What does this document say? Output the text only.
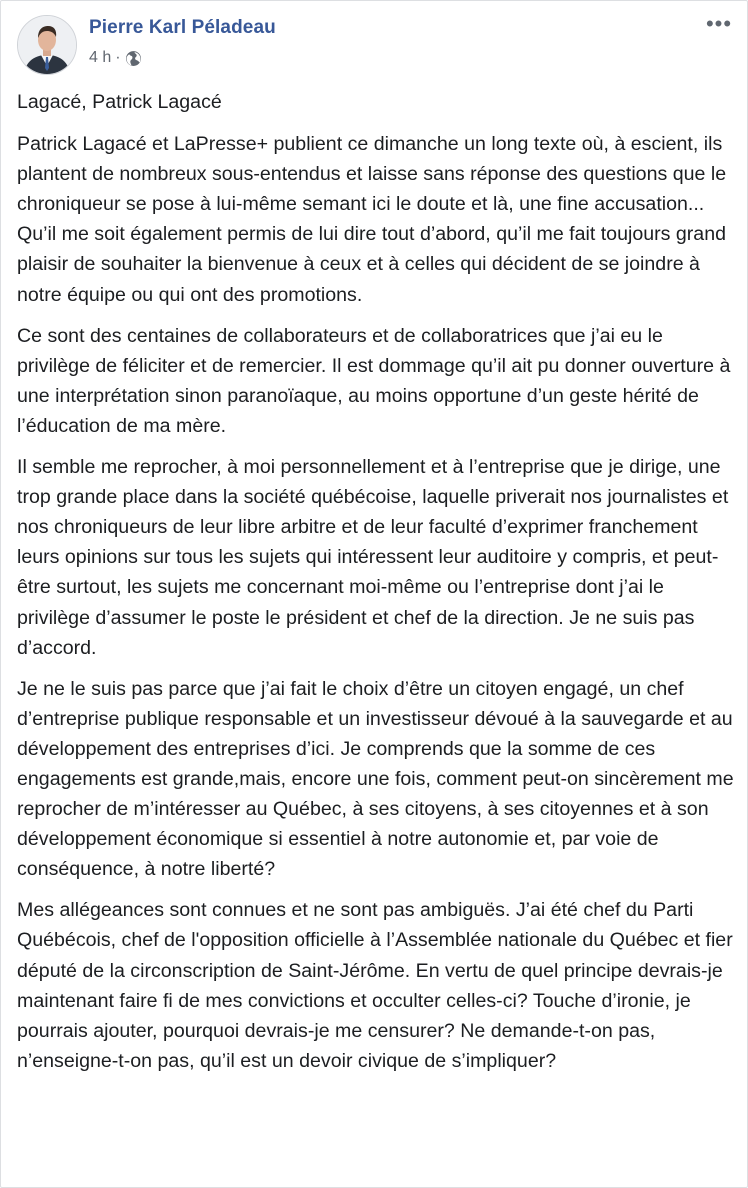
Pierre Karl Péladeau
4 h ·
•••

Lagacé, Patrick Lagacé

Patrick Lagacé et LaPresse+ publient ce dimanche un long texte où, à escient, ils plantent de nombreux sous-entendus et laisse sans réponse des questions que le chroniqueur se pose à lui-même semant ici le doute et là, une fine accusation... Qu’il me soit également permis de lui dire tout d’abord, qu’il me fait toujours grand plaisir de souhaiter la bienvenue à ceux et à celles qui décident de se joindre à notre équipe ou qui ont des promotions.

Ce sont des centaines de collaborateurs et de collaboratrices que j’ai eu le privilège de féliciter et de remercier. Il est dommage qu’il ait pu donner ouverture à une interprétation sinon paranoïaque, au moins opportune d’un geste hérité de l’éducation de ma mère.

Il semble me reprocher, à moi personnellement et à l’entreprise que je dirige, une trop grande place dans la société québécoise, laquelle priverait nos journalistes et nos chroniqueurs de leur libre arbitre et de leur faculté d’exprimer franchement leurs opinions sur tous les sujets qui intéressent leur auditoire y compris, et peut-être surtout, les sujets me concernant moi-même ou l’entreprise dont j’ai le privilège d’assumer le poste le président et chef de la direction. Je ne suis pas d’accord.

Je ne le suis pas parce que j’ai fait le choix d’être un citoyen engagé, un chef d’entreprise publique responsable et un investisseur dévoué à la sauvegarde et au développement des entreprises d’ici. Je comprends que la somme de ces engagements est grande,mais, encore une fois, comment peut-on sincèrement me reprocher de m’intéresser au Québec, à ses citoyens, à ses citoyennes et à son développement économique si essentiel à notre autonomie et, par voie de conséquence, à notre liberté?

Mes allégeances sont connues et ne sont pas ambiguës. J’ai été chef du Parti Québécois, chef de l'opposition officielle à l’Assemblée nationale du Québec et fier député de la circonscription de Saint-Jérôme. En vertu de quel principe devrais-je maintenant faire fi de mes convictions et occulter celles-ci? Touche d’ironie, je pourrais ajouter, pourquoi devrais-je me censurer? Ne demande-t-on pas, n’enseigne-t-on pas, qu’il est un devoir civique de s’impliquer?
